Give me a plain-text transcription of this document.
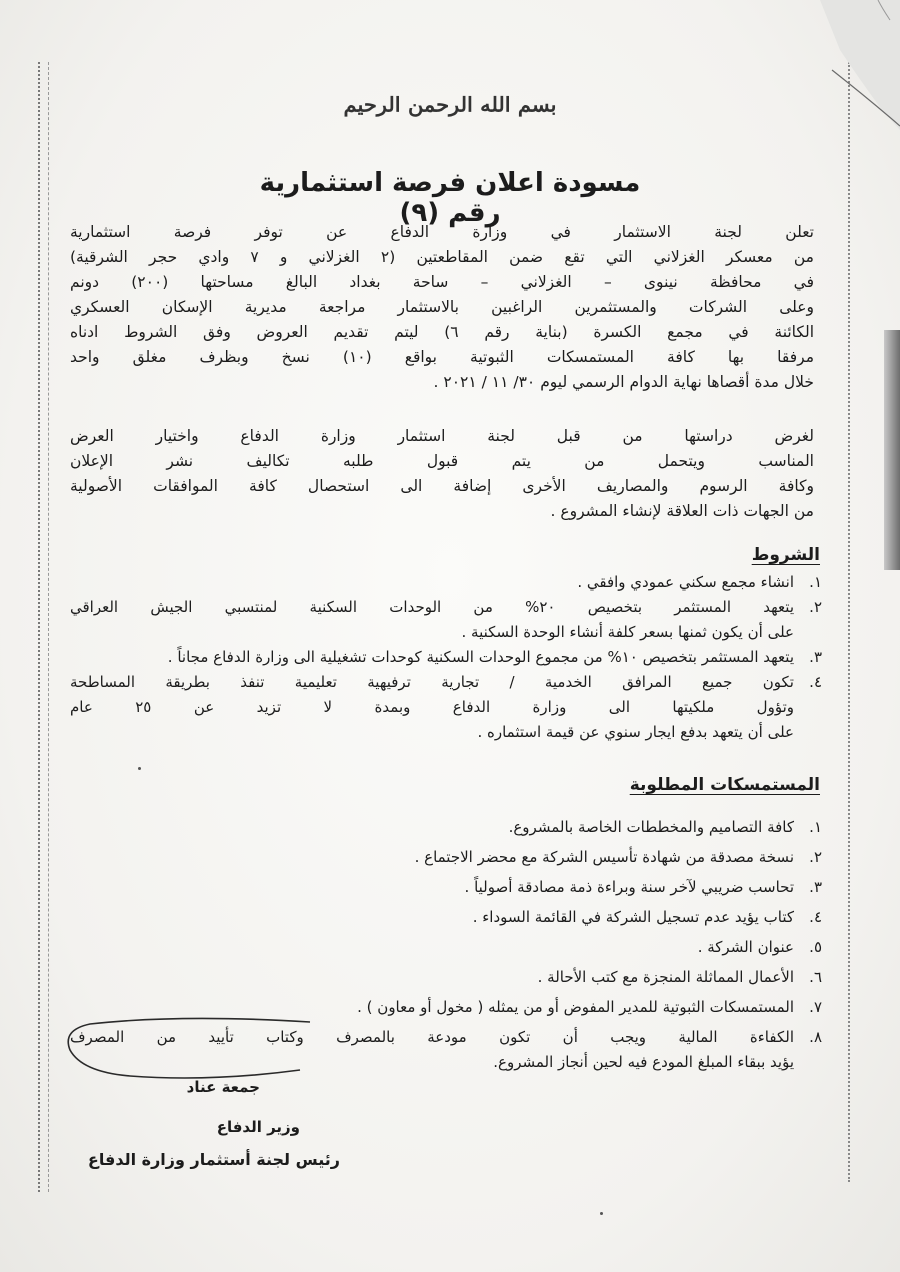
بسم الله الرحمن الرحيم
مسودة اعلان فرصة استثمارية رقم (٩)
تعلن لجنة الاستثمار في وزارة الدفاع عن توفر فرصة استثمارية
من معسكر الغزلاني التي تقع ضمن المقاطعتين (٢ الغزلاني و ٧ وادي حجر الشرقية)
في محافظة نينوى – الغزلاني – ساحة بغداد البالغ مساحتها (٢٠٠) دونم
وعلى الشركات والمستثمرين الراغبين بالاستثمار مراجعة مديرية الإسكان العسكري
الكائنة في مجمع الكسرة (بناية رقم ٦) ليتم تقديم العروض وفق الشروط ادناه
مرفقا بها كافة المستمسكات الثبوتية بواقع (١٠) نسخ وبظرف مغلق واحد
خلال مدة أقصاها نهاية الدوام الرسمي ليوم ٣٠/ ١١ / ٢٠٢١ .
لغرض دراستها من قبل لجنة استثمار وزارة الدفاع واختيار العرض
المناسب ويتحمل من يتم قبول طلبه تكاليف نشر الإعلان
وكافة الرسوم والمصاريف الأخرى إضافة الى استحصال كافة الموافقات الأصولية
من الجهات ذات العلاقة لإنشاء المشروع .
الشروط
١.
انشاء مجمع سكني عمودي وافقي .
٢.
يتعهد المستثمر بتخصيص ٢٠% من الوحدات السكنية لمنتسبي الجيش العراقي
على أن يكون ثمنها بسعر كلفة أنشاء الوحدة السكنية .
٣.
يتعهد المستثمر بتخصيص ١٠% من مجموع الوحدات السكنية كوحدات تشغيلية الى وزارة الدفاع مجاناً .
٤.
تكون جميع المرافق الخدمية / تجارية ترفيهية تعليمية تنفذ بطريقة المساطحة
وتؤول ملكيتها الى وزارة الدفاع وبمدة لا تزيد عن ٢٥ عام
على أن يتعهد بدفع ايجار سنوي عن قيمة استثماره .
المستمسكات المطلوبة
١.
كافة التصاميم والمخططات الخاصة بالمشروع.
٢.
نسخة مصدقة من شهادة تأسيس الشركة مع محضر الاجتماع .
٣.
تحاسب ضريبي لآخر سنة وبراءة ذمة مصادقة أصولياً .
٤.
كتاب يؤيد عدم تسجيل الشركة في القائمة السوداء .
٥.
عنوان الشركة .
٦.
الأعمال المماثلة المنجزة مع كتب الأحالة .
٧.
المستمسكات الثبوتية للمدير المفوض أو من يمثله ( مخول أو معاون ) .
٨.
الكفاءة المالية ويجب أن تكون مودعة بالمصرف وكتاب تأييد من المصرف
يؤيد ببقاء المبلغ المودع فيه لحين أنجاز المشروع.
جمعة عناد
وزير الدفاع
رئيس لجنة أستثمار وزارة الدفاع
